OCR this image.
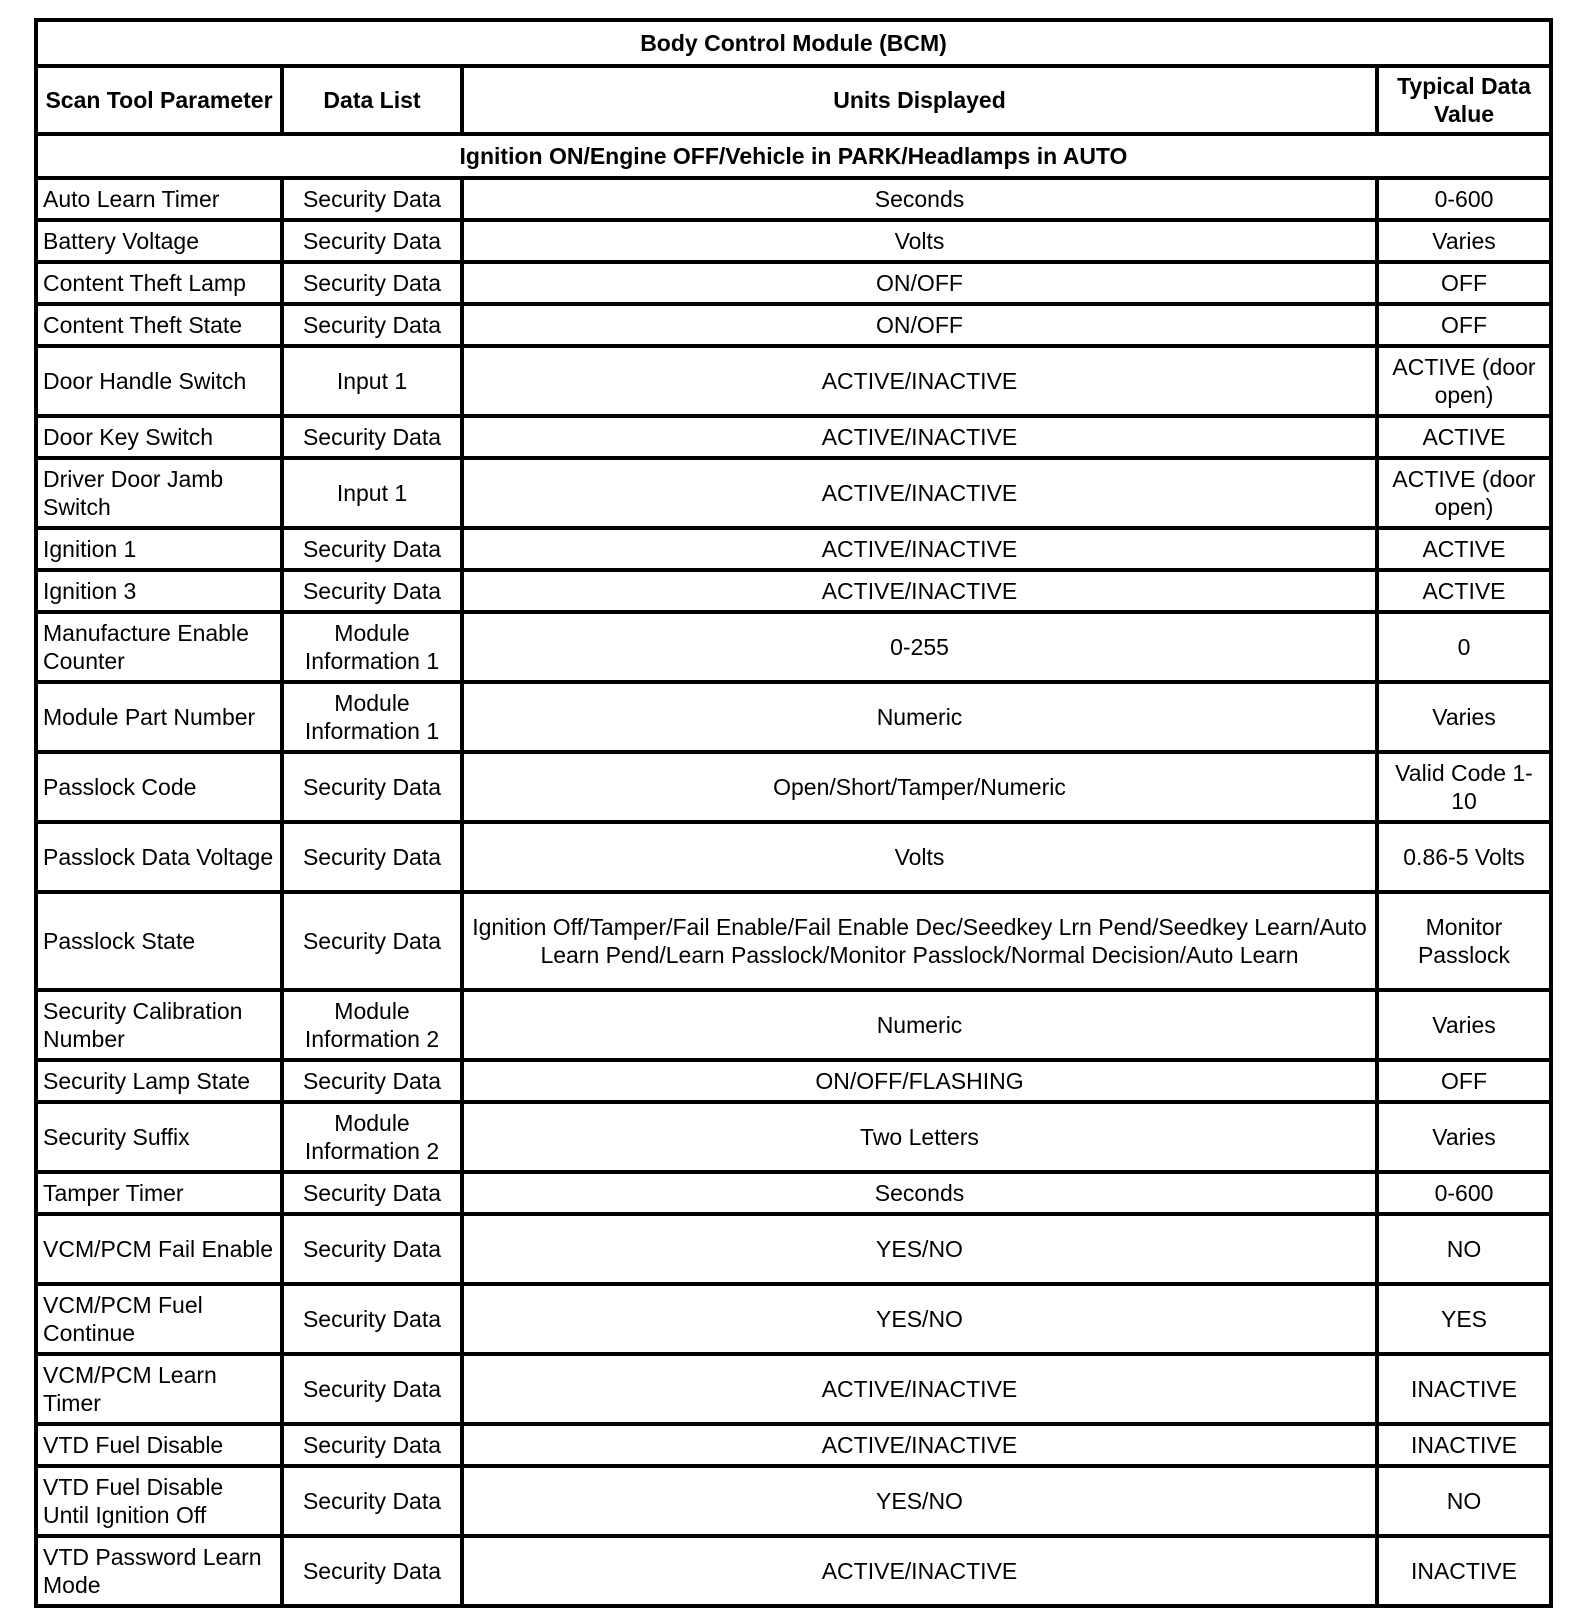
Body Control Module (BCM)			
Scan Tool Parameter	Data List	Units Displayed	Typical Data Value
Ignition ON/Engine OFF/Vehicle in PARK/Headlamps in AUTO			
Auto Learn Timer	Security Data	Seconds	0-600
Battery Voltage	Security Data	Volts	Varies
Content Theft Lamp	Security Data	ON/OFF	OFF
Content Theft State	Security Data	ON/OFF	OFF
Door Handle Switch	Input 1	ACTIVE/INACTIVE	ACTIVE (door open)
Door Key Switch	Security Data	ACTIVE/INACTIVE	ACTIVE
Driver Door Jamb Switch	Input 1	ACTIVE/INACTIVE	ACTIVE (door open)
Ignition 1	Security Data	ACTIVE/INACTIVE	ACTIVE
Ignition 3	Security Data	ACTIVE/INACTIVE	ACTIVE
Manufacture Enable Counter	Module Information 1	0-255	0
Module Part Number	Module Information 1	Numeric	Varies
Passlock Code	Security Data	Open/Short/Tamper/Numeric	Valid Code 1-10
Passlock Data Voltage	Security Data	Volts	0.86-5 Volts
Passlock State	Security Data	Ignition Off/Tamper/Fail Enable/Fail Enable Dec/Seedkey Lrn Pend/Seedkey Learn/Auto Learn Pend/Learn Passlock/Monitor Passlock/Normal Decision/Auto Learn	Monitor Passlock
Security Calibration Number	Module Information 2	Numeric	Varies
Security Lamp State	Security Data	ON/OFF/FLASHING	OFF
Security Suffix	Module Information 2	Two Letters	Varies
Tamper Timer	Security Data	Seconds	0-600
VCM/PCM Fail Enable	Security Data	YES/NO	NO
VCM/PCM Fuel Continue	Security Data	YES/NO	YES
VCM/PCM Learn Timer	Security Data	ACTIVE/INACTIVE	INACTIVE
VTD Fuel Disable	Security Data	ACTIVE/INACTIVE	INACTIVE
VTD Fuel Disable Until Ignition Off	Security Data	YES/NO	NO
VTD Password Learn Mode	Security Data	ACTIVE/INACTIVE	INACTIVE
